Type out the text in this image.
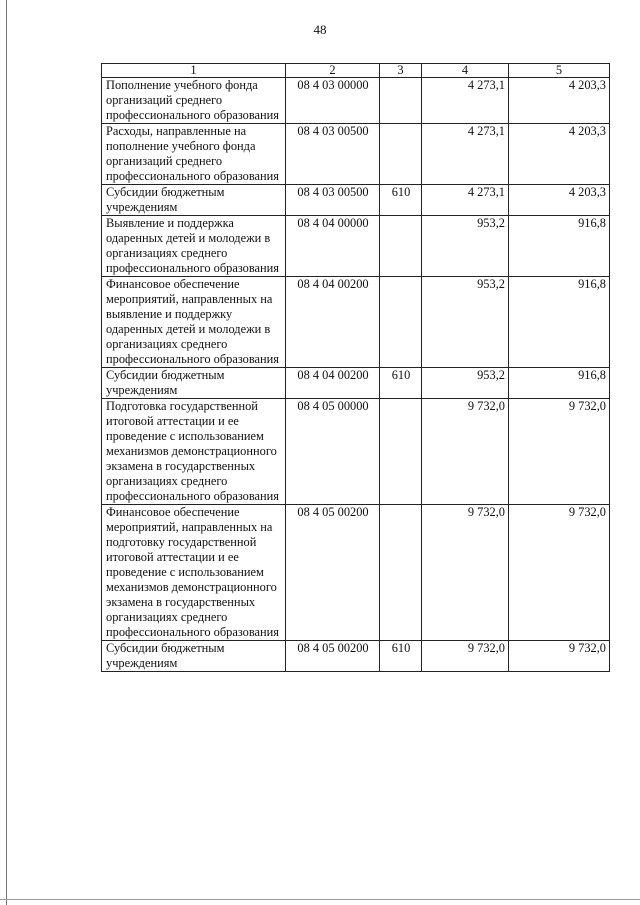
48
1	2	3	4	5
Пополнение учебного фонда организаций среднего профессионального образования	08 4 03 00000		4 273,1	4 203,3
Расходы, направленные на пополнение учебного фонда организаций среднего профессионального образования	08 4 03 00500		4 273,1	4 203,3
Субсидии бюджетным учреждениям	08 4 03 00500	610	4 273,1	4 203,3
Выявление и поддержка одаренных детей и молодежи в организациях среднего профессионального образования	08 4 04 00000		953,2	916,8
Финансовое обеспечение мероприятий, направленных на выявление и поддержку одаренных детей и молодежи в организациях среднего профессионального образования	08 4 04 00200		953,2	916,8
Субсидии бюджетным учреждениям	08 4 04 00200	610	953,2	916,8
Подготовка государственной итоговой аттестации и ее проведение с использованием механизмов демонстрационного экзамена в государственных организациях среднего профессионального образования	08 4 05 00000		9 732,0	9 732,0
Финансовое обеспечение мероприятий, направленных на подготовку государственной итоговой аттестации и ее проведение с использованием механизмов демонстрационного экзамена в государственных организациях среднего профессионального образования	08 4 05 00200		9 732,0	9 732,0
Субсидии бюджетным учреждениям	08 4 05 00200	610	9 732,0	9 732,0
